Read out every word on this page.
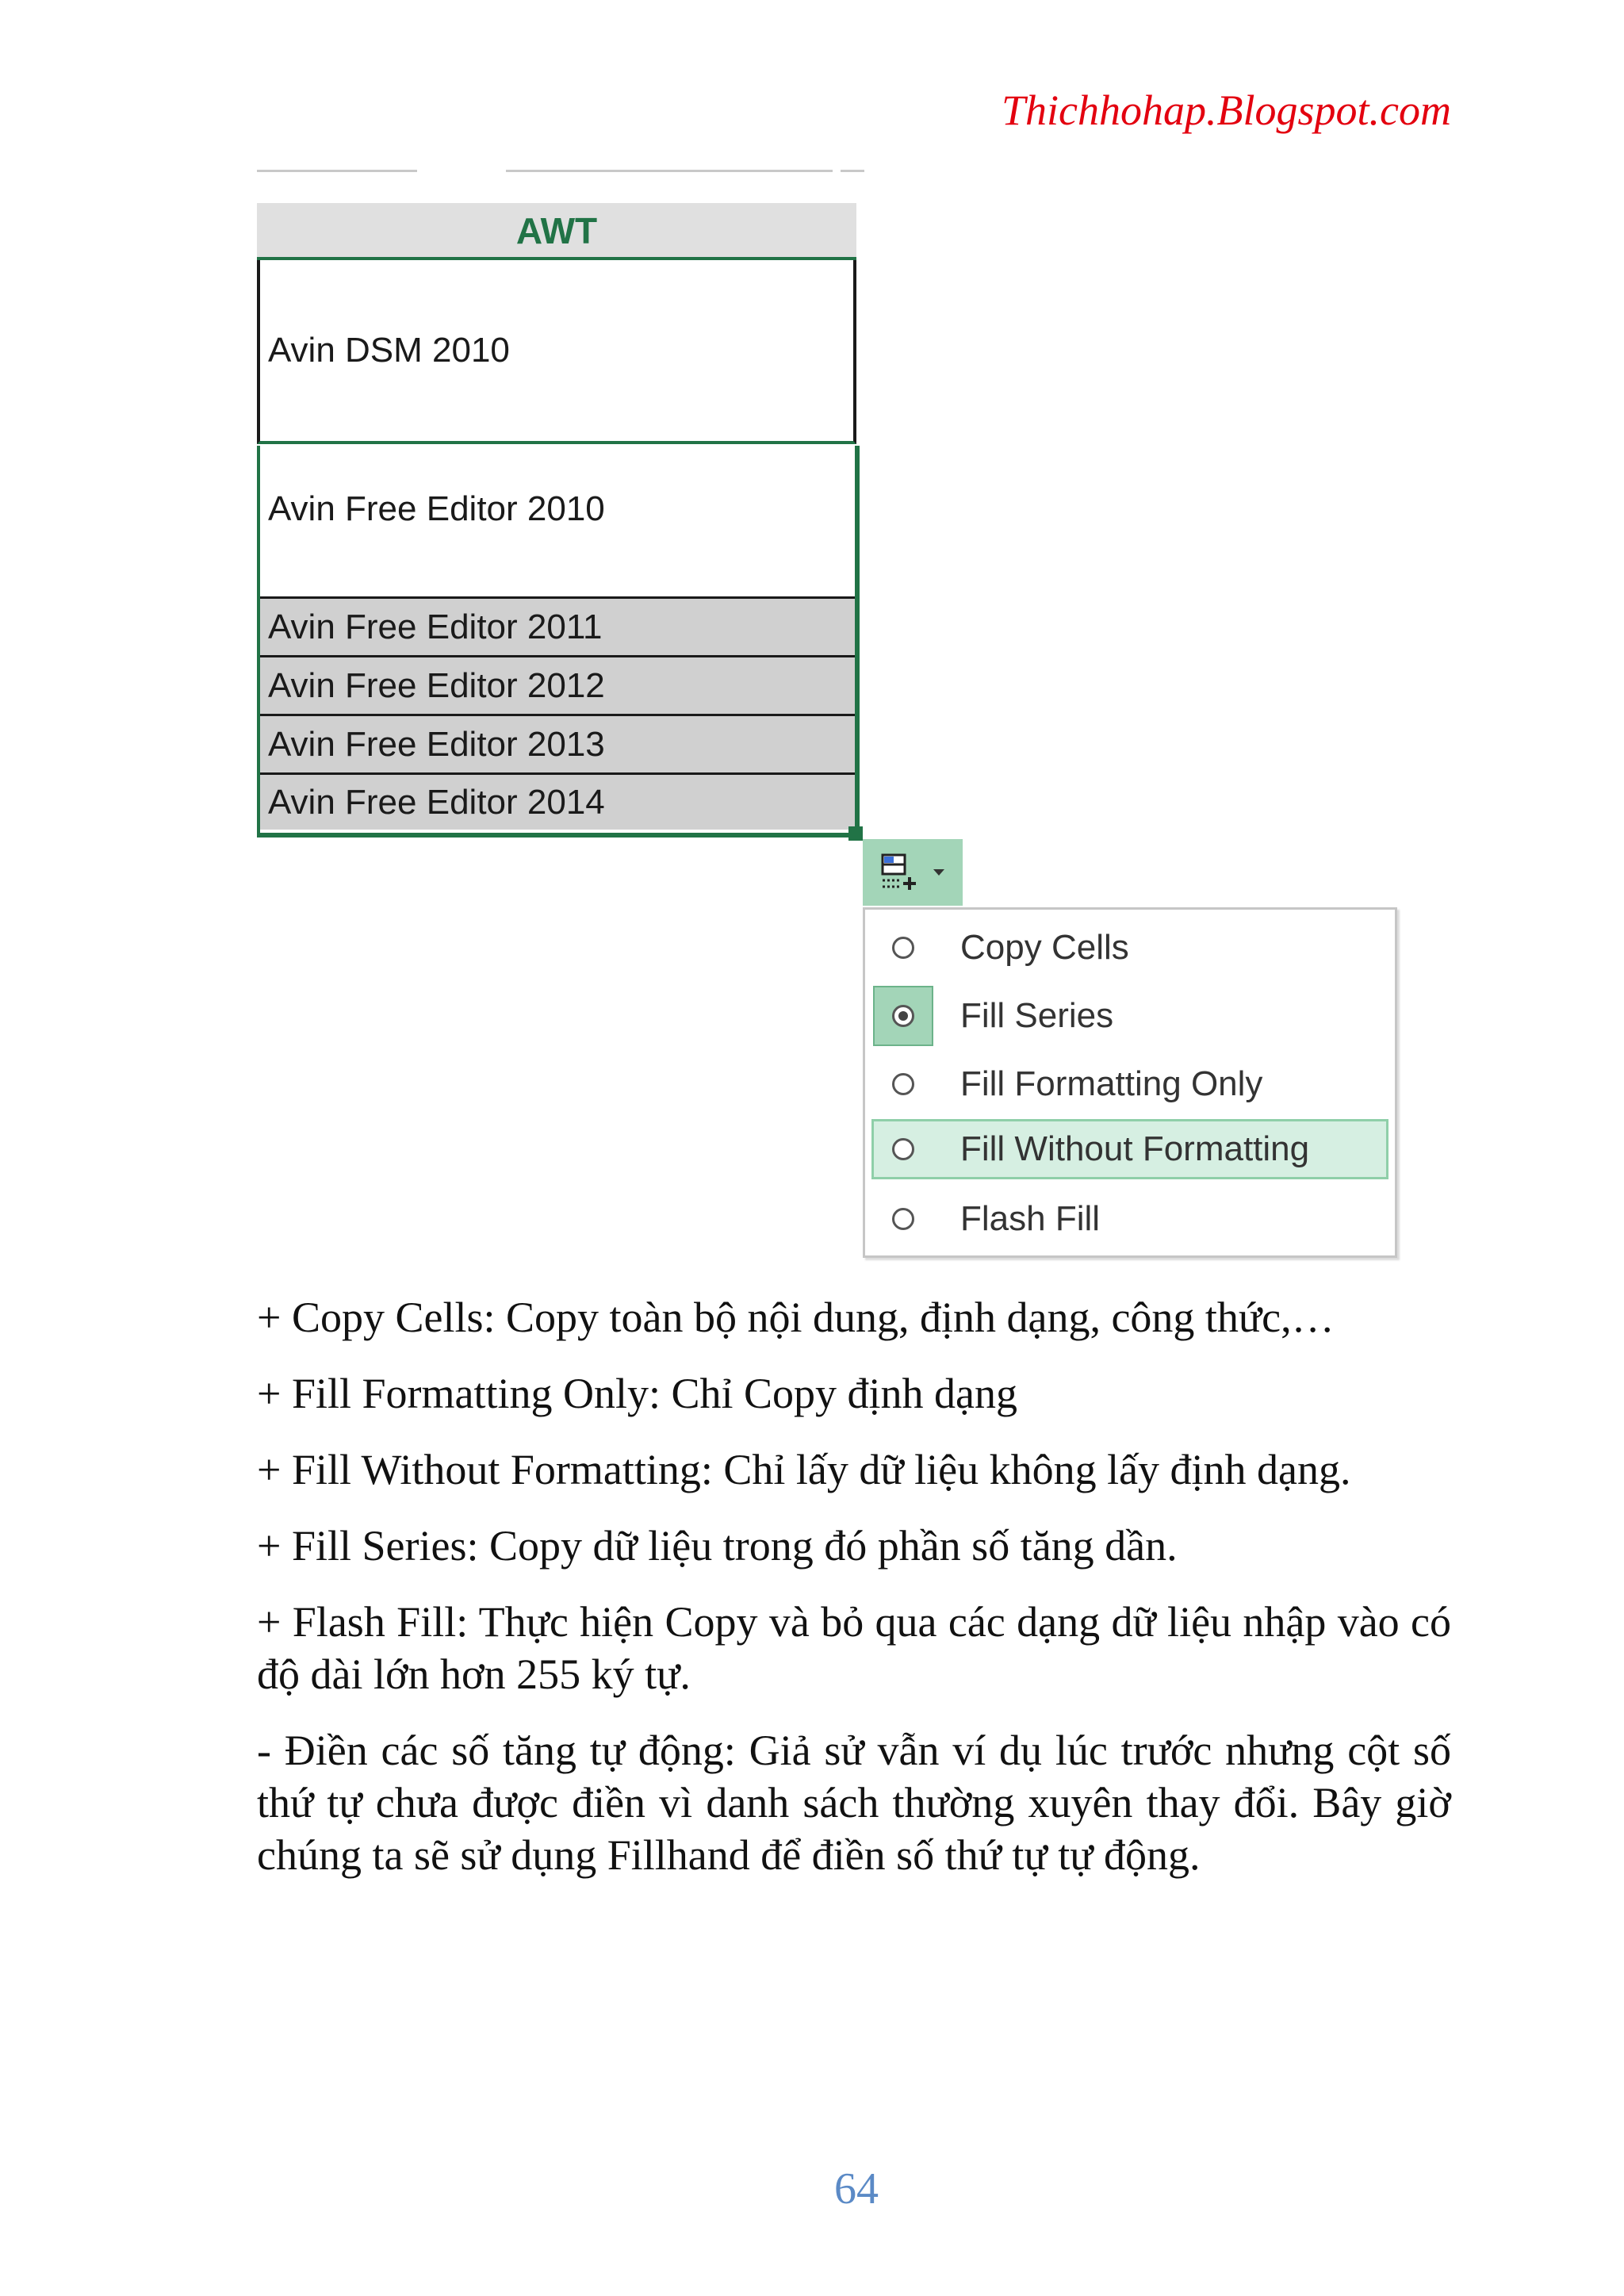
Thichhohap.Blogspot.com
AWT
Avin DSM 2010
Avin Free Editor 2010
Avin Free Editor 2011
Avin Free Editor 2012
Avin Free Editor 2013
Avin Free Editor 2014
Copy Cells
Fill Series
Fill Formatting Only
Fill Without Formatting
Flash Fill
+ Copy Cells: Copy toàn bộ nội dung, định dạng, công thức,…
+ Fill Formatting Only: Chỉ Copy định dạng
+ Fill Without Formatting: Chỉ lấy dữ liệu không lấy định dạng.
+ Fill Series: Copy dữ liệu trong đó phần số tăng dần.
+ Flash Fill: Thực hiện Copy và bỏ qua các dạng dữ liệu nhập vào có độ dài lớn hơn 255 ký tự.
- Điền các số tăng tự động: Giả sử vẫn ví dụ lúc trước nhưng cột số thứ tự chưa được điền vì danh sách thường xuyên thay đổi. Bây giờ chúng ta sẽ sử dụng Fillhand để điền số thứ tự tự động.
64
